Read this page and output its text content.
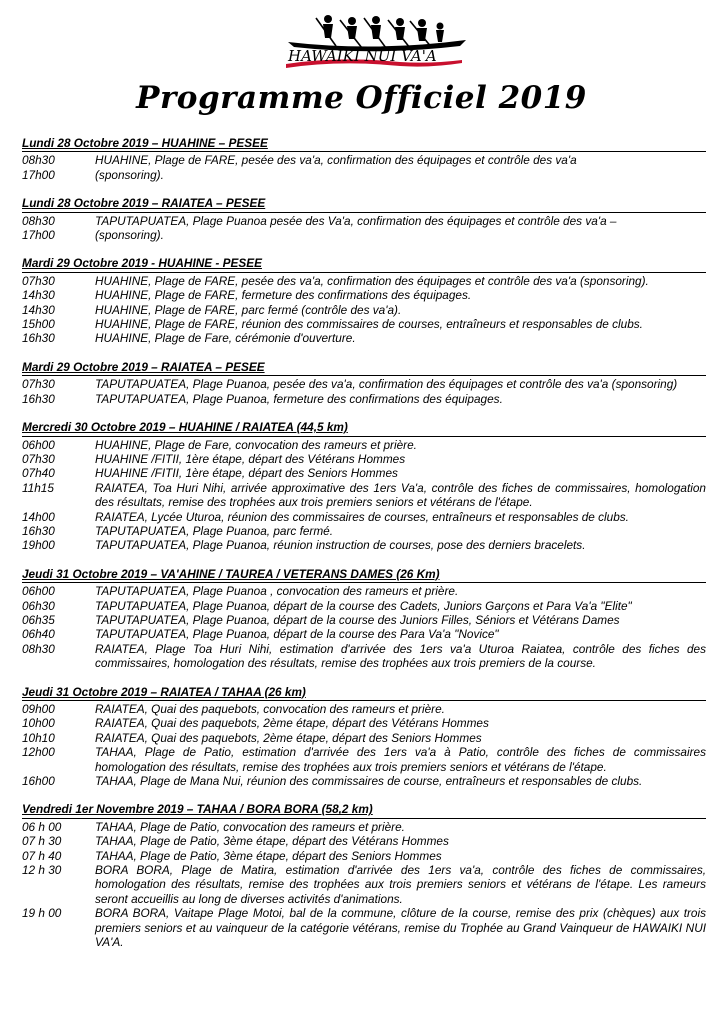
HAWAIKI NUI VA'A
Programme Officiel 2019
Lundi 28 Octobre 2019 – HUAHINE – PESEE
08h30	HUAHINE, Plage de FARE, pesée des va'a, confirmation des équipages et contrôle des va'a
17h00	(sponsoring).
Lundi 28 Octobre 2019 – RAIATEA – PESEE
08h30	TAPUTAPUATEA, Plage Puanoa pesée des Va'a, confirmation des équipages et contrôle des va'a –
17h00	(sponsoring).
Mardi 29 Octobre 2019 - HUAHINE - PESEE
07h30	HUAHINE, Plage de FARE, pesée des va'a, confirmation des équipages et contrôle des va'a (sponsoring).
14h30	HUAHINE, Plage de FARE, fermeture des confirmations des équipages.
14h30	HUAHINE, Plage de FARE, parc fermé (contrôle des va'a).
15h00	HUAHINE, Plage de FARE, réunion des commissaires de courses, entraîneurs et responsables de clubs.
16h30	HUAHINE, Plage de Fare, cérémonie d'ouverture.
Mardi 29 Octobre 2019 – RAIATEA – PESEE
07h30	TAPUTAPUATEA, Plage Puanoa, pesée des va'a, confirmation des équipages et contrôle des va'a (sponsoring)
16h30	TAPUTAPUATEA, Plage Puanoa, fermeture des confirmations des équipages.
Mercredi 30 Octobre 2019 – HUAHINE / RAIATEA (44,5 km)
06h00	HUAHINE, Plage de Fare, convocation des rameurs et prière.
07h30	HUAHINE /FITII, 1ère étape, départ des Vétérans Hommes
07h40	HUAHINE /FITII, 1ère étape, départ des Seniors Hommes
11h15	RAIATEA, Toa Huri Nihi, arrivée approximative des 1ers Va'a, contrôle des fiches de commissaires, homologation des résultats, remise des trophées aux trois premiers seniors et vétérans de l'étape.
14h00	RAIATEA, Lycée Uturoa, réunion des commissaires de courses, entraîneurs et responsables de clubs.
16h30	TAPUTAPUATEA, Plage Puanoa, parc fermé.
19h00	TAPUTAPUATEA, Plage Puanoa, réunion instruction de courses, pose des derniers bracelets.
Jeudi 31 Octobre 2019 – VA'AHINE / TAUREA / VETERANS DAMES (26 Km)
06h00	TAPUTAPUATEA, Plage Puanoa , convocation des rameurs et prière.
06h30	TAPUTAPUATEA, Plage Puanoa, départ de la course des Cadets, Juniors Garçons et Para Va'a "Elite"
06h35	TAPUTAPUATEA, Plage Puanoa, départ de la course des Juniors Filles, Séniors et Vétérans Dames
06h40	TAPUTAPUATEA, Plage Puanoa, départ de la course des Para Va'a "Novice"
08h30	RAIATEA, Plage Toa Huri Nihi, estimation d'arrivée des 1ers va'a Uturoa Raiatea, contrôle des fiches des commissaires, homologation des résultats, remise des trophées aux trois premiers de la course.
Jeudi 31 Octobre 2019 – RAIATEA / TAHAA (26 km)
09h00	RAIATEA, Quai des paquebots, convocation des rameurs et prière.
10h00	RAIATEA, Quai des paquebots, 2ème étape, départ des Vétérans Hommes
10h10	RAIATEA, Quai des paquebots, 2ème étape, départ des Seniors Hommes
12h00	TAHAA, Plage de Patio, estimation d'arrivée des 1ers va'a à Patio, contrôle des fiches de commissaires homologation des résultats, remise des trophées aux trois premiers seniors et vétérans de l'étape.
16h00	TAHAA, Plage de Mana Nui, réunion des commissaires de course, entraîneurs et responsables de clubs.
Vendredi 1er Novembre 2019 – TAHAA / BORA BORA (58,2 km)
06 h 00	TAHAA, Plage de Patio, convocation des rameurs et prière.
07 h 30	TAHAA, Plage de Patio, 3ème étape, départ des Vétérans Hommes
07 h 40	TAHAA, Plage de Patio, 3ème étape, départ des Seniors Hommes
12 h 30	BORA BORA, Plage de Matira, estimation d'arrivée des 1ers va'a, contrôle des fiches de commissaires, homologation des résultats, remise des trophées aux trois premiers seniors et vétérans de l'étape. Les rameurs seront accueillis au long de diverses activités d'animations.
19 h 00	BORA BORA, Vaitape Plage Motoi, bal de la commune, clôture de la course, remise des prix (chèques) aux trois premiers seniors et au vainqueur de la catégorie vétérans, remise du Trophée au Grand Vainqueur de HAWAIKI NUI VA'A.
